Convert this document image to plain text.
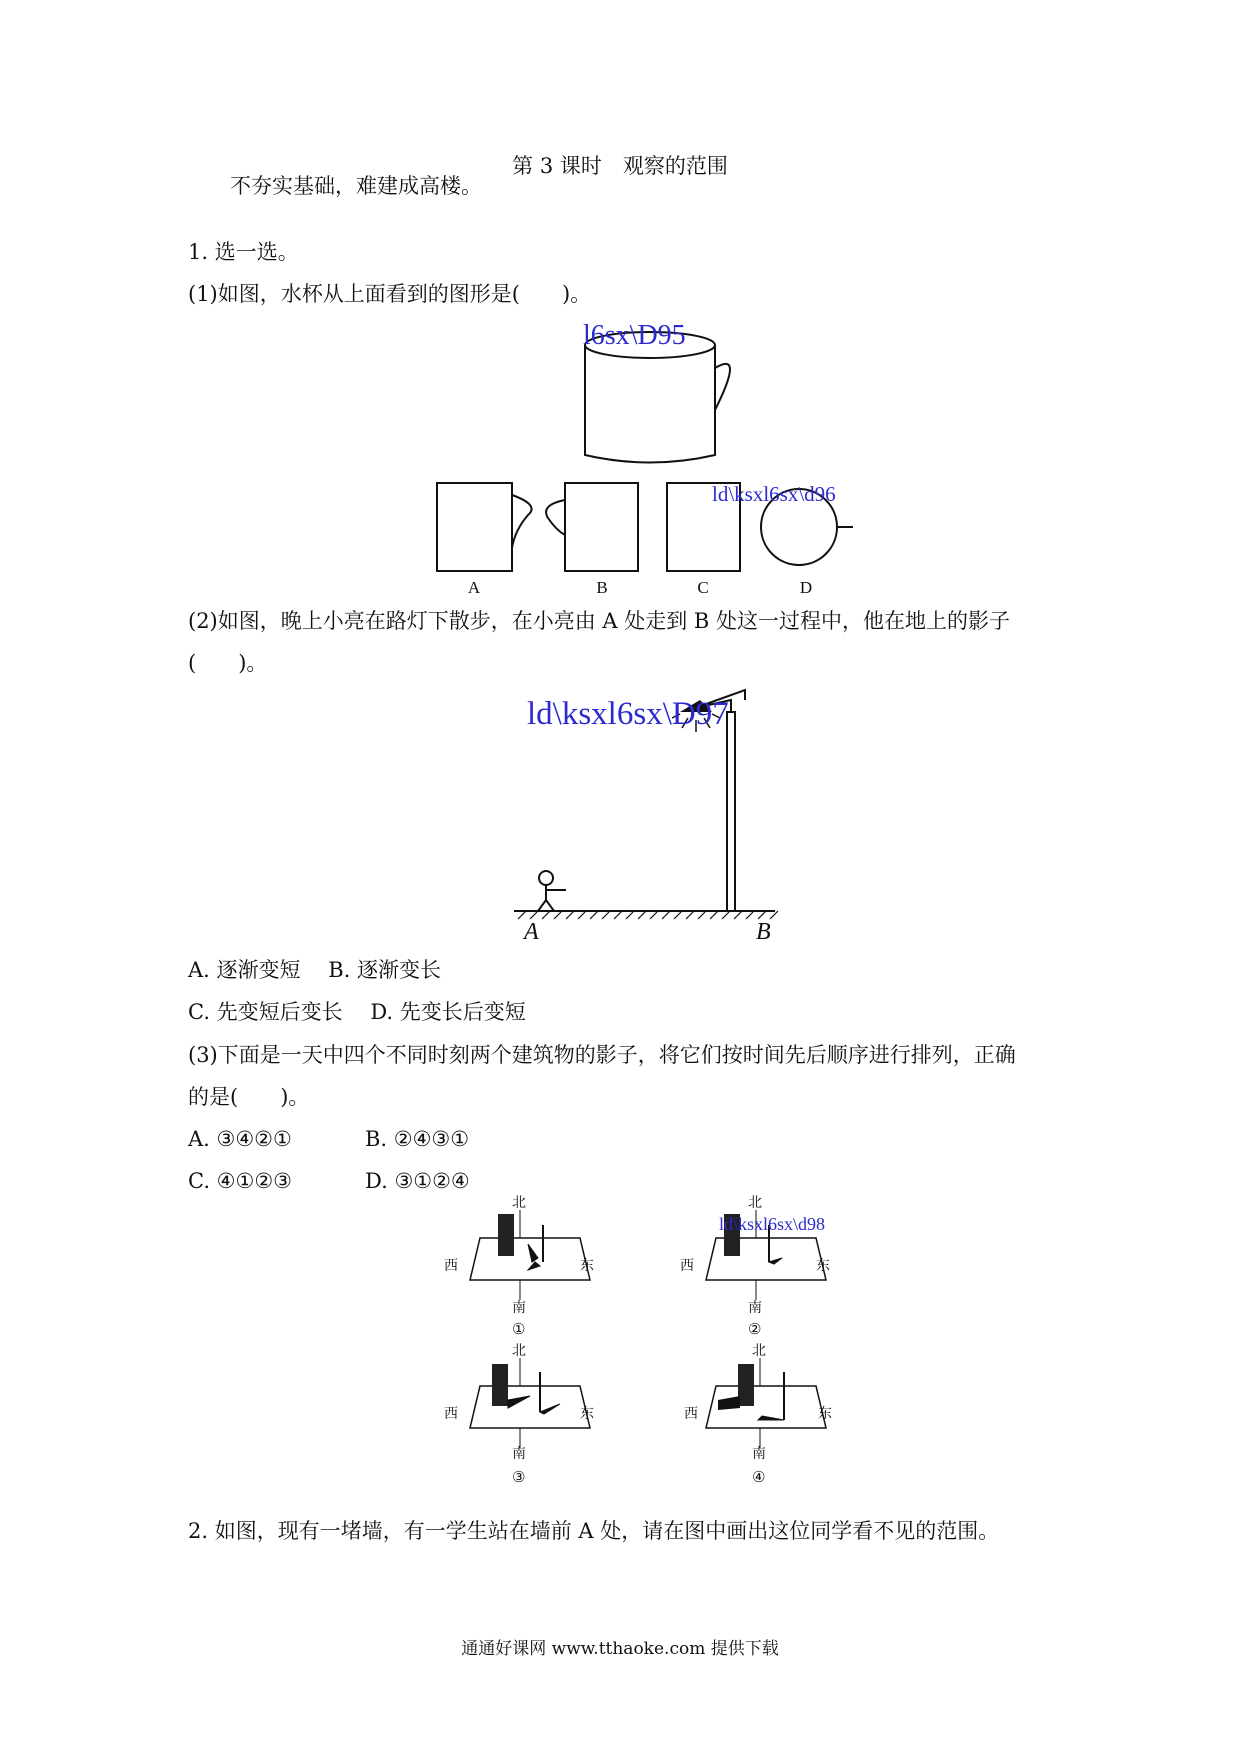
第 3 课时　观察的范围
不夯实基础，难建成高楼。
1. 选一选。
(1)如图，水杯从上面看到的图形是(　　)。
A	B	C	D
北
南
西	东
北
南
西	东
北
南
西	东
北
南
西	东
①	②
③	④
l6sx\D95
ld\ksxl6sx\d96
ld\ksxl6sx\D97
ld\ksxl6sx\d98
(2)如图，晚上小亮在路灯下散步，在小亮由 A 处走到 B 处这一过程中，他在地上的影子
(　　)。
A	B
A. 逐渐变短　 B. 逐渐变长
C. 先变短后变长　 D. 先变长后变短
(3)下面是一天中四个不同时刻两个建筑物的影子，将它们按时间先后顺序进行排列，正确
的是(　　)。
A. ③④②①	B. ②④③①
C. ④①②③	D. ③①②④
2. 如图，现有一堵墙，有一学生站在墙前 A 处，请在图中画出这位同学看不见的范围。
通通好课网 www.tthaoke.com 提供下载
